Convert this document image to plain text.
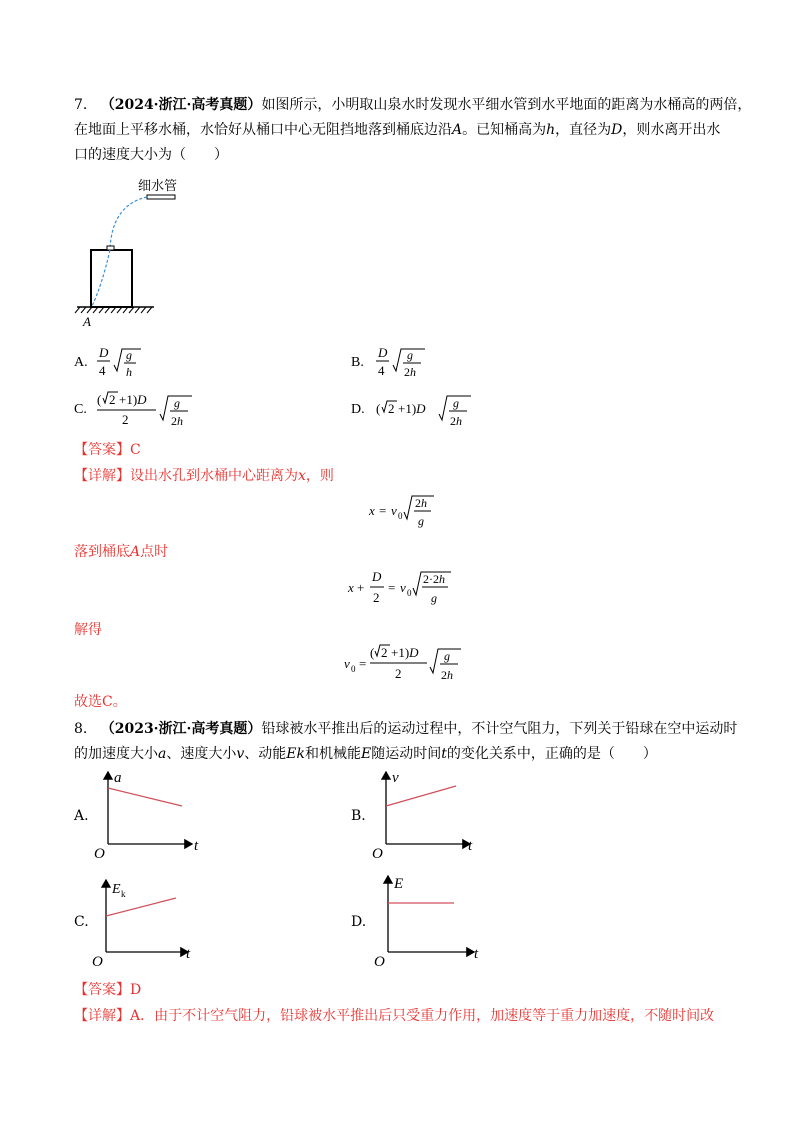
7. （2024·浙江·高考真题）如图所示，小明取山泉水时发现水平细水管到水平地面的距离为水桶高的两倍，
在地面上平移水桶，水恰好从桶口中心无阻挡地落到桶底边沿A。已知桶高为h，直径为D，则水离开出水
口的速度大小为（　　）
细水管
A
A.
D
4
g
h
B.
D
4
g
2h
C.
( 2 +1)D
2
g
2h
D. ( 2 +1)D g
2h
【答案】C
【详解】设出水孔到水桶中心距离为x，则
x = v 0
2h
g
落到桶底A点时
x +
D
2
= v 0
2·2h
g
解得
v 0 =
( 2 +1)D
2
g
2h
故选C。
8. （2023·浙江·高考真题）铅球被水平推出后的运动过程中，不计空气阻力，下列关于铅球在空中运动时
的加速度大小a、速度大小v、动能Ek和机械能E随运动时间t的变化关系中，正确的是（　　）
A.
a
t
O
B.
v
t
O
C.
E k
t
O
D.
E
t
O
【答案】D
【详解】A．由于不计空气阻力，铅球被水平推出后只受重力作用，加速度等于重力加速度，不随时间改
